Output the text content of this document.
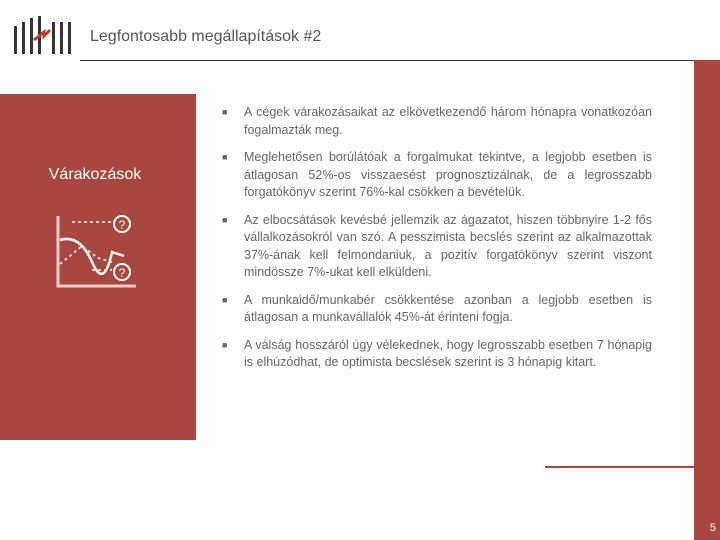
Legfontosabb megállapítások #2
5
Várakozások
?
?
■ A cégek várakozásaikat az elkövetkezendő három hónapra vonatkozóan fogalmazták meg.
■ Meglehetősen borúlátóak a forgalmukat tekintve, a legjobb esetben is átlagosan 52%-os visszaesést prognosztizálnak, de a legrosszabb forgatókönyv szerint 76%-kal csökken a bevételük.
■ Az elbocsátások kevésbé jellemzik az ágazatot, hiszen többnyire 1-2 fős vállalkozásokról van szó. A pesszimista becslés szerint az alkalmazottak 37%-ának kell felmondaniuk, a pozitív forgatókönyv szerint viszont mindössze 7%-ukat kell elküldeni.
■ A munkaidő/munkabér csökkentése azonban a legjobb esetben is átlagosan a munkavállalók 45%-át érinteni fogja.
■ A válság hosszáról úgy vélekednek, hogy legrosszabb esetben 7 hónapig is elhúzódhat, de optimista becslések szerint is 3 hónapig kitart.
